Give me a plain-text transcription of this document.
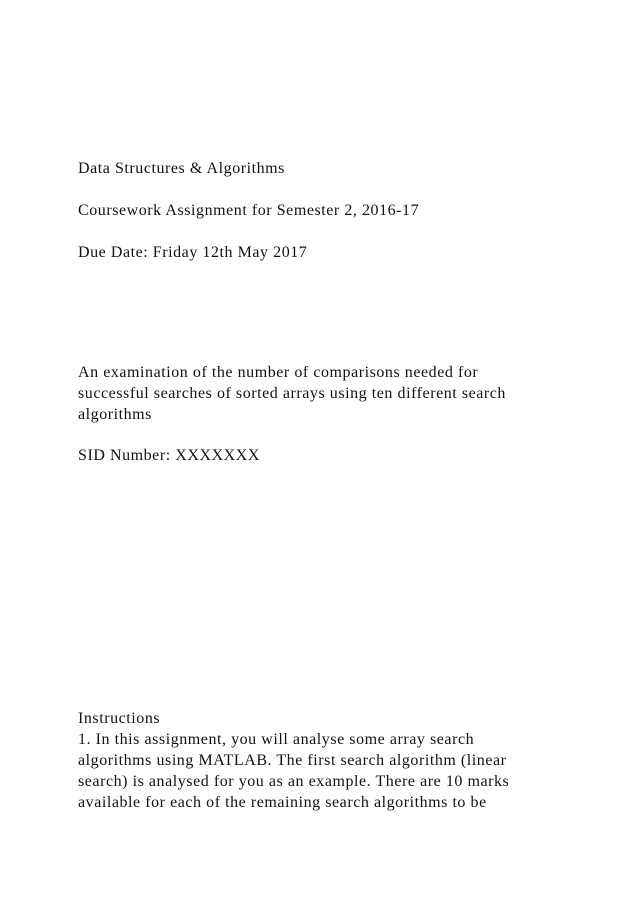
Data Structures & Algorithms
Coursework Assignment for Semester 2, 2016-17
Due Date: Friday 12th May 2017
An examination of the number of comparisons needed for
successful searches of sorted arrays using ten different search
algorithms
SID Number: XXXXXXX
Instructions
1. In this assignment, you will analyse some array search
algorithms using MATLAB. The first search algorithm (linear
search) is analysed for you as an example. There are 10 marks
available for each of the remaining search algorithms to be
